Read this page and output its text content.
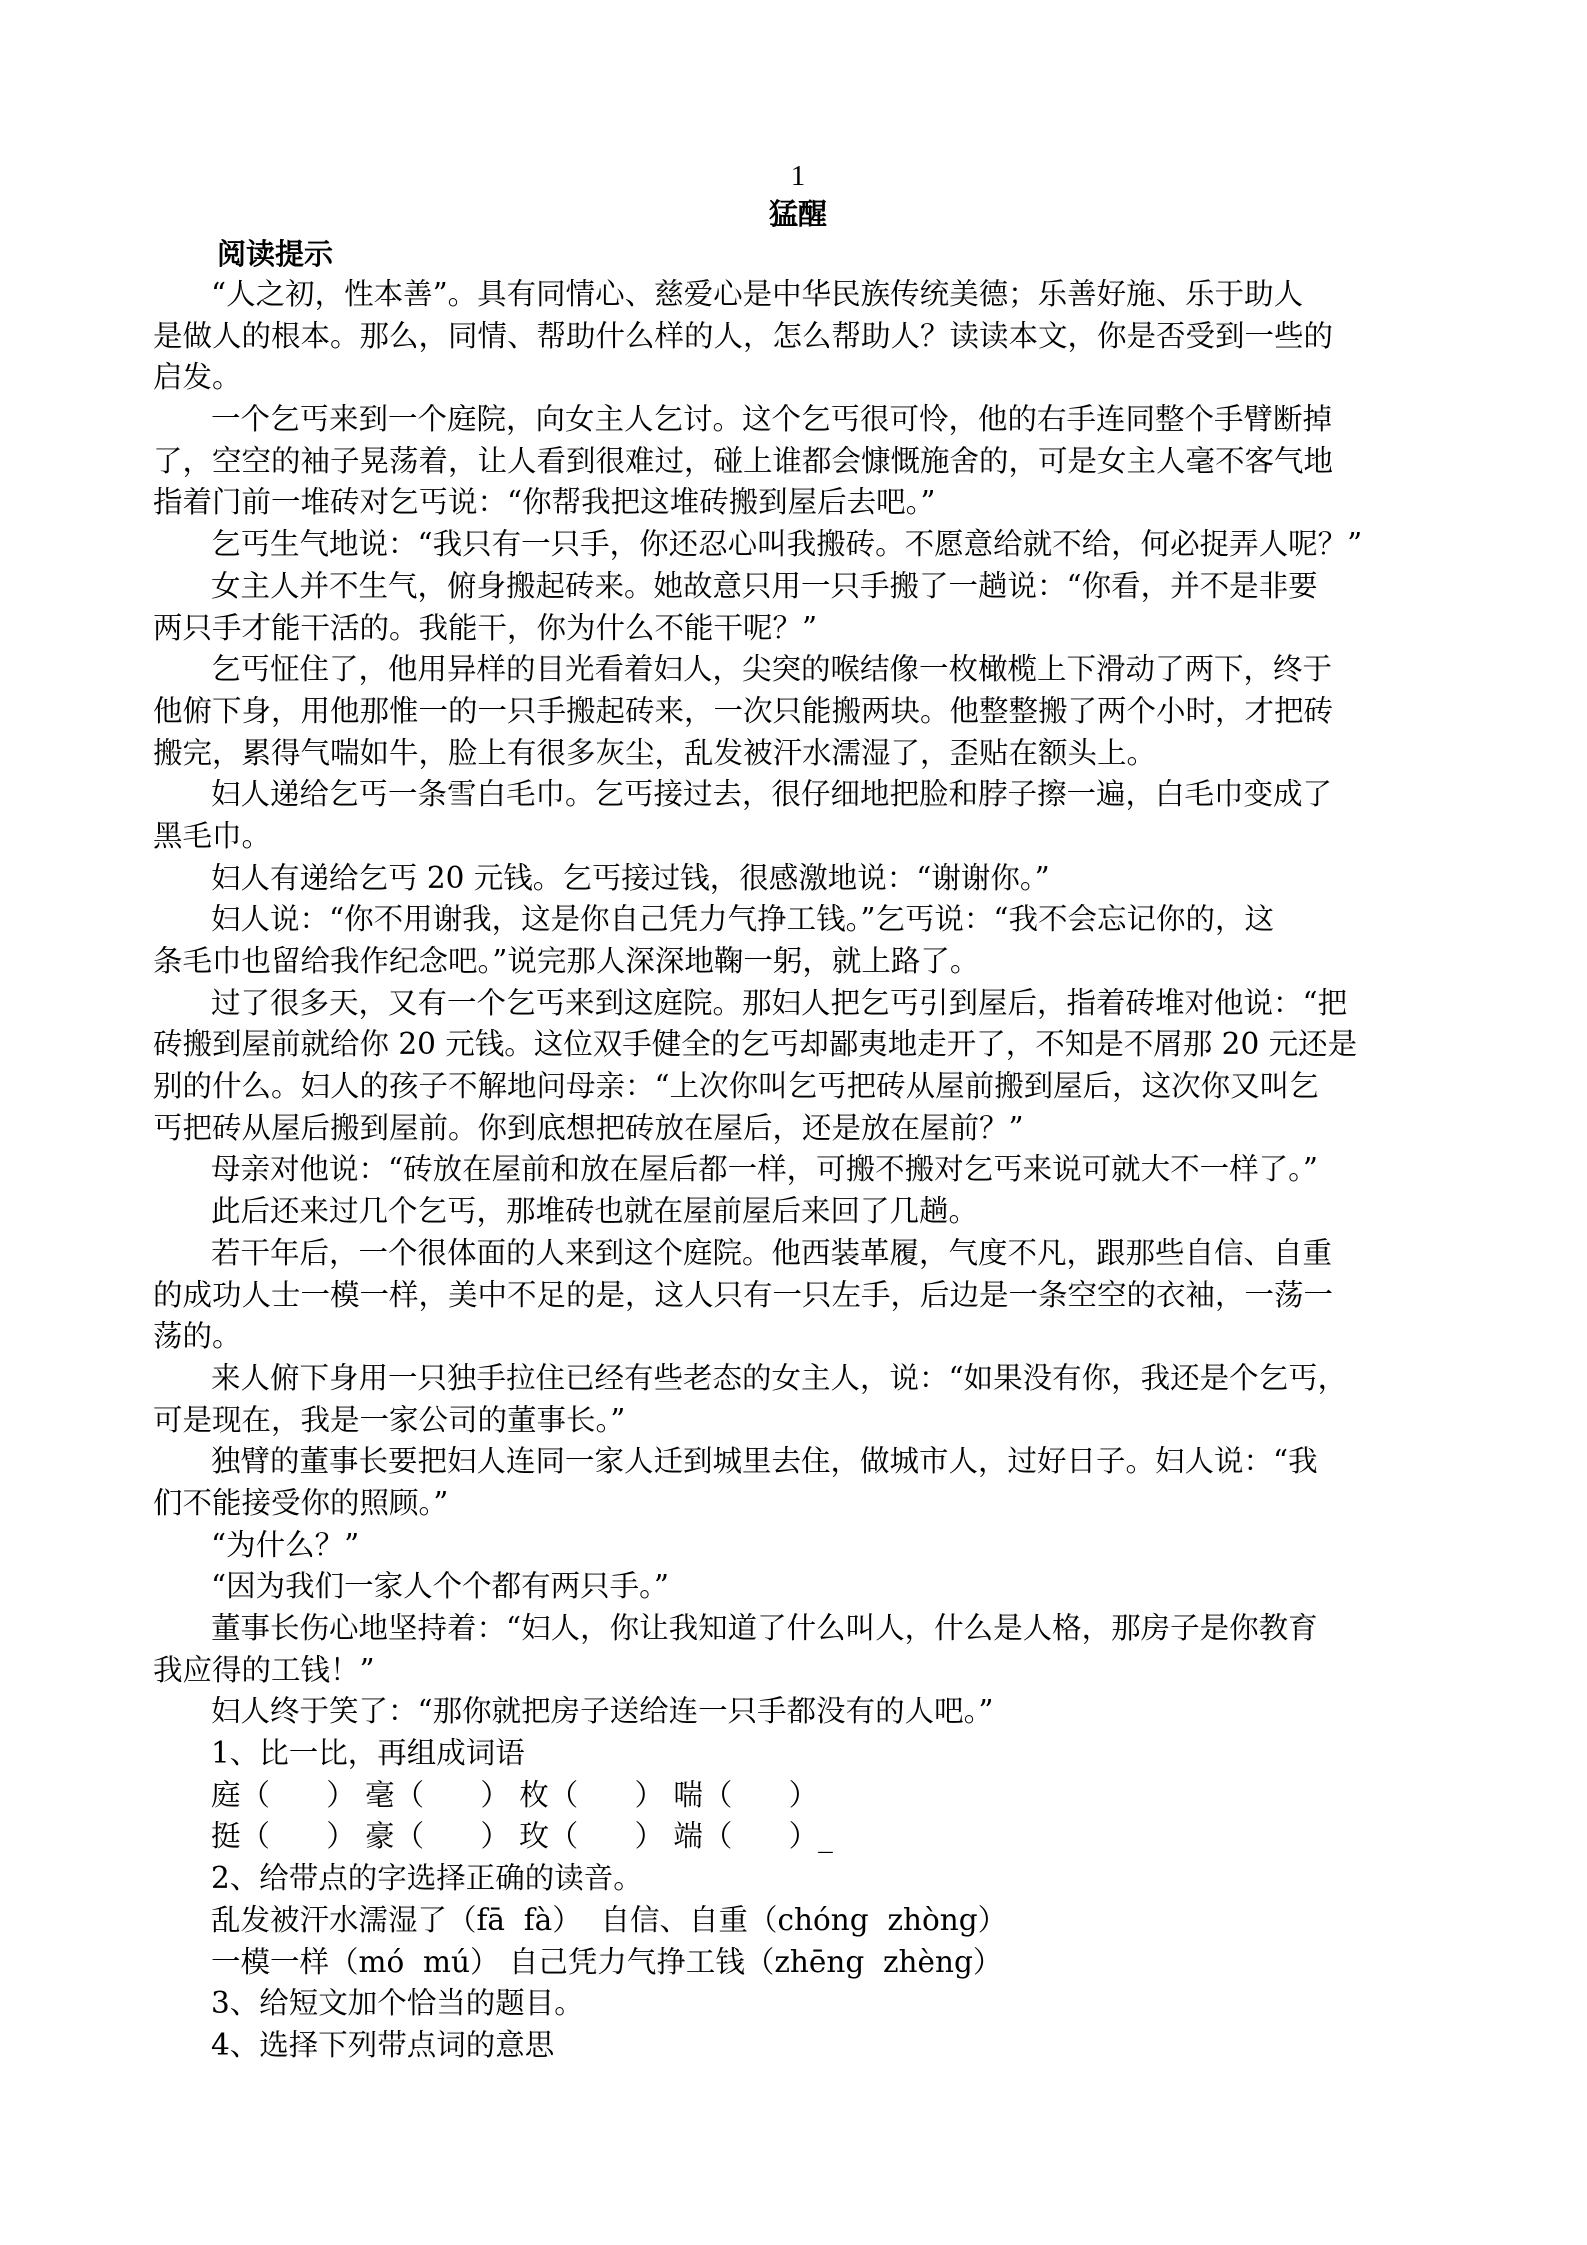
1
猛醒
阅读提示
“人之初，性本善”。具有同情心、慈爱心是中华民族传统美德；乐善好施、乐于助人
是做人的根本。那么，同情、帮助什么样的人，怎么帮助人？读读本文，你是否受到一些的
启发。
一个乞丐来到一个庭院，向女主人乞讨。这个乞丐很可怜，他的右手连同整个手臂断掉
了，空空的袖子晃荡着，让人看到很难过，碰上谁都会慷慨施舍的，可是女主人毫不客气地
指着门前一堆砖对乞丐说：“你帮我把这堆砖搬到屋后去吧。”
乞丐生气地说：“我只有一只手，你还忍心叫我搬砖。不愿意给就不给，何必捉弄人呢？”
女主人并不生气，俯身搬起砖来。她故意只用一只手搬了一趟说：“你看，并不是非要
两只手才能干活的。我能干，你为什么不能干呢？”
乞丐怔住了，他用异样的目光看着妇人，尖突的喉结像一枚橄榄上下滑动了两下，终于
他俯下身，用他那惟一的一只手搬起砖来，一次只能搬两块。他整整搬了两个小时，才把砖
搬完，累得气喘如牛，脸上有很多灰尘，乱发被汗水濡湿了，歪贴在额头上。
妇人递给乞丐一条雪白毛巾。乞丐接过去，很仔细地把脸和脖子擦一遍，白毛巾变成了
黑毛巾。
妇人有递给乞丐 20 元钱。乞丐接过钱，很感激地说：“谢谢你。”
妇人说：“你不用谢我，这是你自己凭力气挣工钱。”乞丐说：“我不会忘记你的，这
条毛巾也留给我作纪念吧。”说完那人深深地鞠一躬，就上路了。
过了很多天，又有一个乞丐来到这庭院。那妇人把乞丐引到屋后，指着砖堆对他说：“把
砖搬到屋前就给你 20 元钱。这位双手健全的乞丐却鄙夷地走开了，不知是不屑那 20 元还是
别的什么。妇人的孩子不解地问母亲：“上次你叫乞丐把砖从屋前搬到屋后，这次你又叫乞
丐把砖从屋后搬到屋前。你到底想把砖放在屋后，还是放在屋前？”
母亲对他说：“砖放在屋前和放在屋后都一样，可搬不搬对乞丐来说可就大不一样了。”
此后还来过几个乞丐，那堆砖也就在屋前屋后来回了几趟。
若干年后，一个很体面的人来到这个庭院。他西装革履，气度不凡，跟那些自信、自重
的成功人士一模一样，美中不足的是，这人只有一只左手，后边是一条空空的衣袖，一荡一
荡的。
来人俯下身用一只独手拉住已经有些老态的女主人，说：“如果没有你，我还是个乞丐，
可是现在，我是一家公司的董事长。”
独臂的董事长要把妇人连同一家人迁到城里去住，做城市人，过好日子。妇人说：“我
们不能接受你的照顾。”
“为什么？”
“因为我们一家人个个都有两只手。”
董事长伤心地坚持着：“妇人，你让我知道了什么叫人，什么是人格，那房子是你教育
我应得的工钱！”
妇人终于笑了：“那你就把房子送给连一只手都没有的人吧。”
1、比一比，再组成词语
庭（      ） 毫（      ） 枚（      ） 喘（      ）
挺（      ） 豪（      ） 玫（      ） 端（      ）_
2、给带点的字选择正确的读音。
乱发被汗水濡湿了（fā  fà）  自信、自重（chóng  zhòng）
一模一样（mó  mú） 自己凭力气挣工钱（zhēng  zhèng）
3、给短文加个恰当的题目。
4、选择下列带点词的意思
